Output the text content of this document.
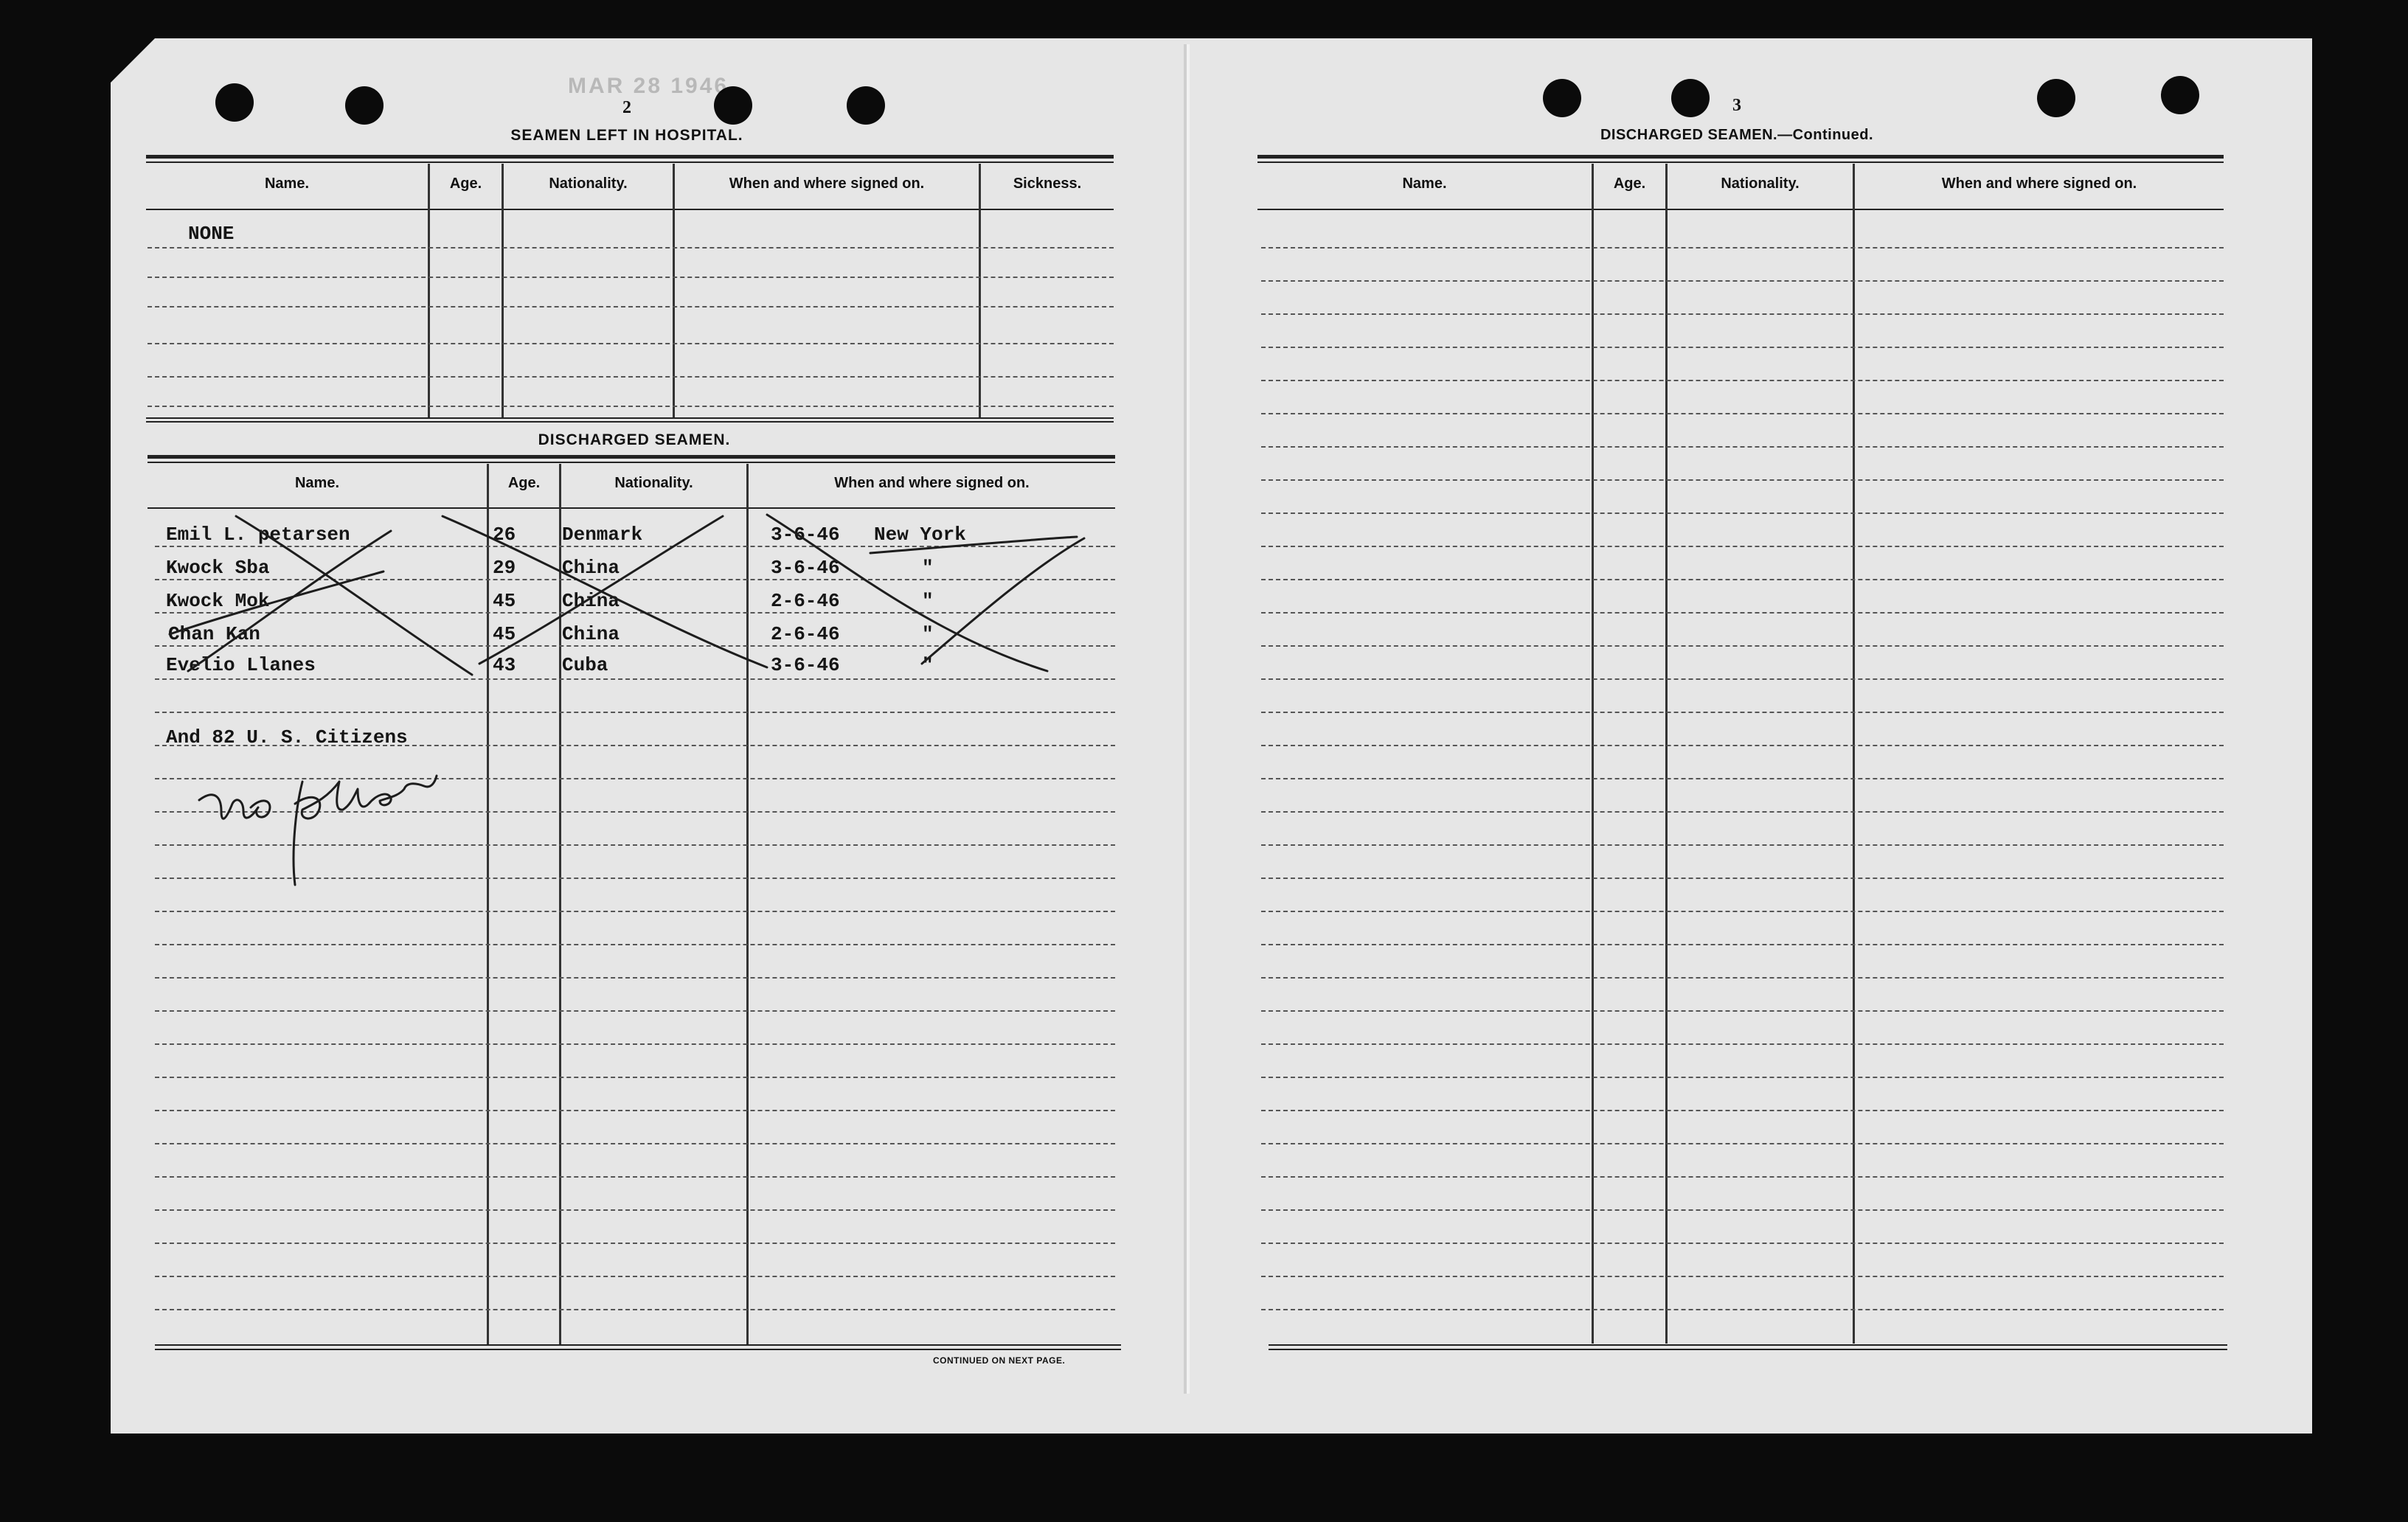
MAR 28 1946
2
SEAMEN LEFT IN HOSPITAL.
Name.	Age.	Nationality.	When and where signed on.	Sickness.
NONE
DISCHARGED SEAMEN.
Name.	Age.	Nationality.	When and where signed on.
Emil L. petarsen	26 Denmark	3-6-46 New York
Kwock Sba	29 China	3-6-46	"
Kwock Mok	45 China	2-6-46	"
Chan Kan	45 China	2-6-46	"
Evelio Llanes	43 Cuba	3-6-46	"
And 82 U. S. Citizens
CONTINUED ON NEXT PAGE.
3
DISCHARGED SEAMEN.—Continued.
Name.	Age.	Nationality.	When and where signed on.
